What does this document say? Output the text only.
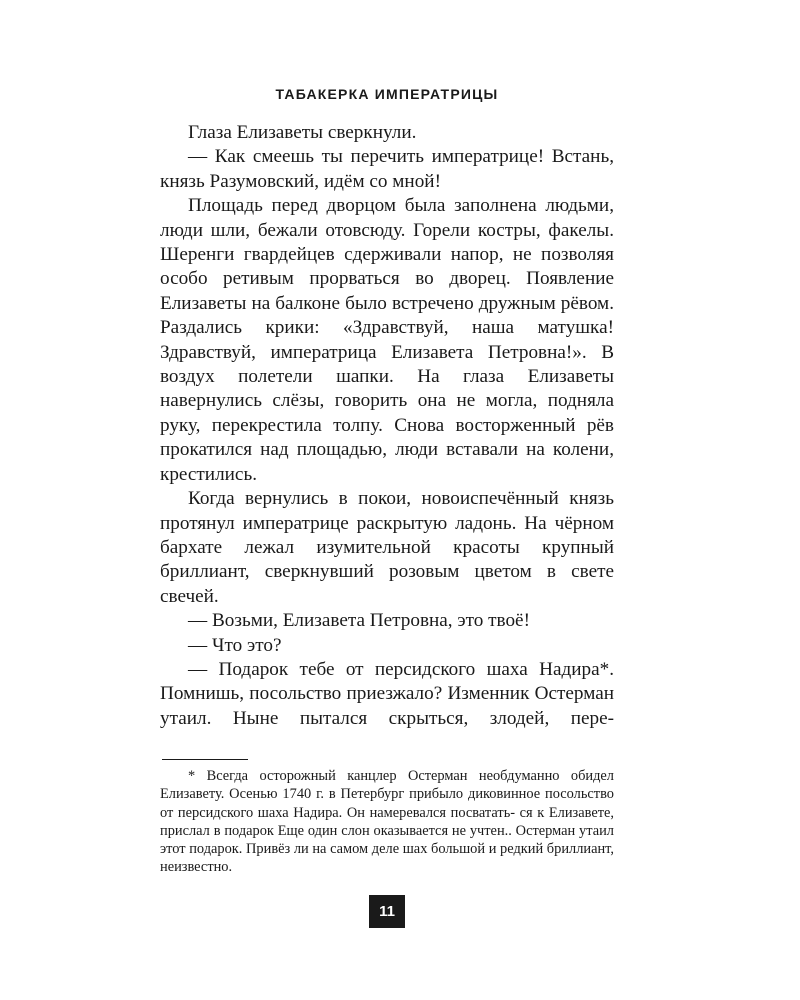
ТАБАКЕРКА ИМПЕРАТРИЦЫ

Глаза Елизаветы сверкнули.

— Как смеешь ты перечить императрице! Встань, князь Разумовский, идём со мной!

Площадь перед дворцом была заполнена людьми, люди шли, бежали отовсюду. Горели костры, факелы. Шеренги гвардейцев сдерживали напор, не позволяя особо ретивым прорваться во дворец. Появление Елизаветы на балконе было встречено дружным рёвом. Раздались крики: «Здравствуй, наша матушка! Здравствуй, императрица Елизавета Петровна!». В воздух полетели шапки. На глаза Елизаветы навернулись слёзы, говорить она не могла, подняла руку, перекрестила толпу. Снова восторженный рёв прокатился над площадью, люди вставали на колени, крестились.

Когда вернулись в покои, новоиспечённый князь протянул императрице раскрытую ладонь. На чёрном бархате лежал изумительной красоты крупный бриллиант, сверкнувший розовым цветом в свете свечей.

— Возьми, Елизавета Петровна, это твоё!

— Что это?

— Подарок тебе от персидского шаха Надира*. Помнишь, посольство приезжало? Изменник Остерман утаил. Ныне пытался скрыться, злодей, пере-

* Всегда осторожный канцлер Остерман необдуманно обидел Елизавету. Осенью 1740 г. в Петербург прибыло диковинное посольство от персидского шаха Надира. Он намеревался посватать- ся к Елизавете, прислал в подарок Еще один слон оказывается не учтен.. Остерман утаил этот подарок. Привёз ли на самом деле шах большой и редкий бриллиант, неизвестно.

11
